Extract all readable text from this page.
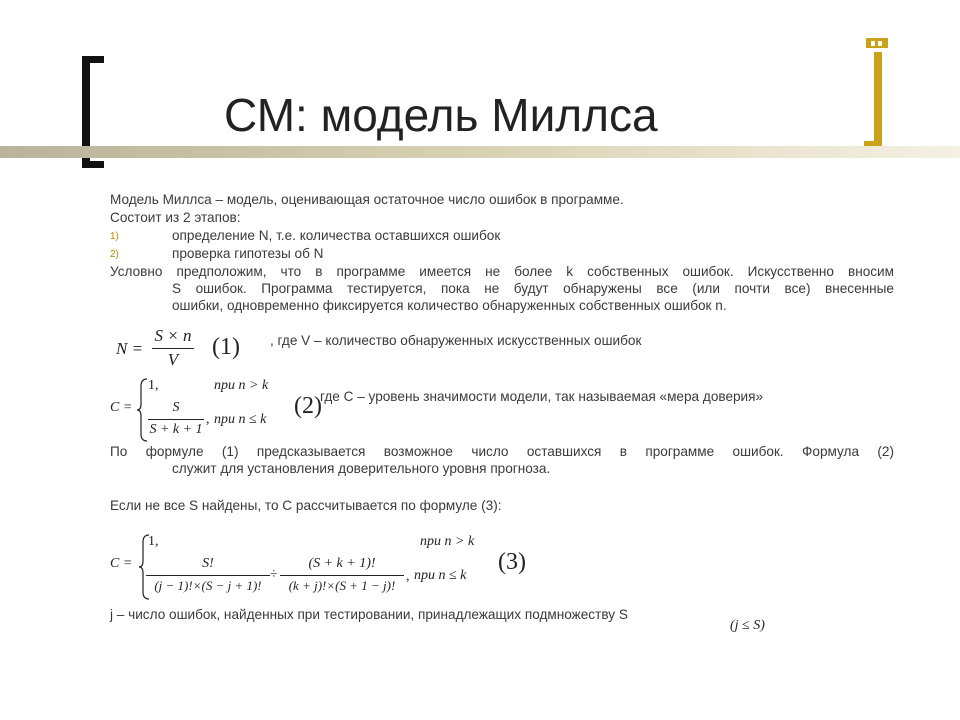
СМ: модель Миллса
Модель Миллса – модель, оценивающая остаточное число ошибок в программе.
Состоит из 2 этапов:
1)	определение N, т.е. количества оставшихся ошибок
2)	проверка гипотезы об N
Условно предположим, что в программе имеется не более k собственных ошибок. Искусственно вносим
S ошибок. Программа тестируется, пока не будут обнаружены все (или почти все) внесенные
ошибки, одновременно фиксируется количество обнаруженных собственных ошибок n.
N =
S × n
V	(1) , где V – количество обнаруженных искусственных ошибок
C =
1,	при n > k
S
S + k + 1
, при n ≤ k
(2)
где C – уровень значимости модели, так называемая «мера доверия»
По формуле (1) предсказывается возможное число оставшихся в программе ошибок. Формула (2)
служит для установления доверительного уровня прогноза.
Если не все S найдены, то C рассчитывается по формуле (3):
C =
1,	при n > k
S!
(j − 1)!×(S − j + 1)!
÷
(S + k + 1)!
(k + j)!×(S + 1 − j)!
, при n ≤ k
(3)
j – число ошибок, найденных при тестировании, принадлежащих подмножеству S
(j ≤ S)
